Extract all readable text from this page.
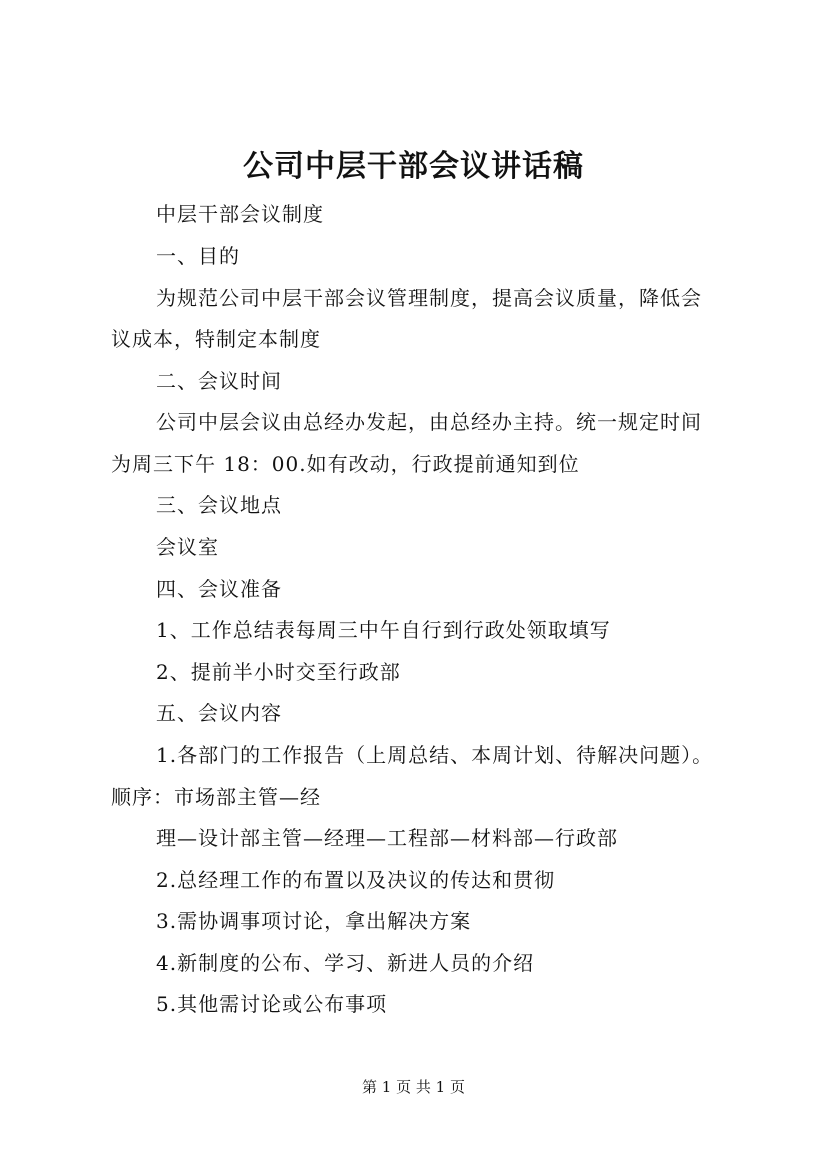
公司中层干部会议讲话稿
中层干部会议制度
一、目的
为规范公司中层干部会议管理制度，提高会议质量，降低会
议成本，特制定本制度
二、会议时间
公司中层会议由总经办发起，由总经办主持。统一规定时间
为周三下午 18：00.如有改动，行政提前通知到位
三、会议地点
会议室
四、会议准备
1、工作总结表每周三中午自行到行政处领取填写
2、提前半小时交至行政部
五、会议内容
1.各部门的工作报告（上周总结、本周计划、待解决问题）。
顺序：市场部主管—经
理—设计部主管—经理—工程部—材料部—行政部
2.总经理工作的布置以及决议的传达和贯彻
3.需协调事项讨论，拿出解决方案
4.新制度的公布、学习、新进人员的介绍
5.其他需讨论或公布事项
第 1 页 共 1 页
